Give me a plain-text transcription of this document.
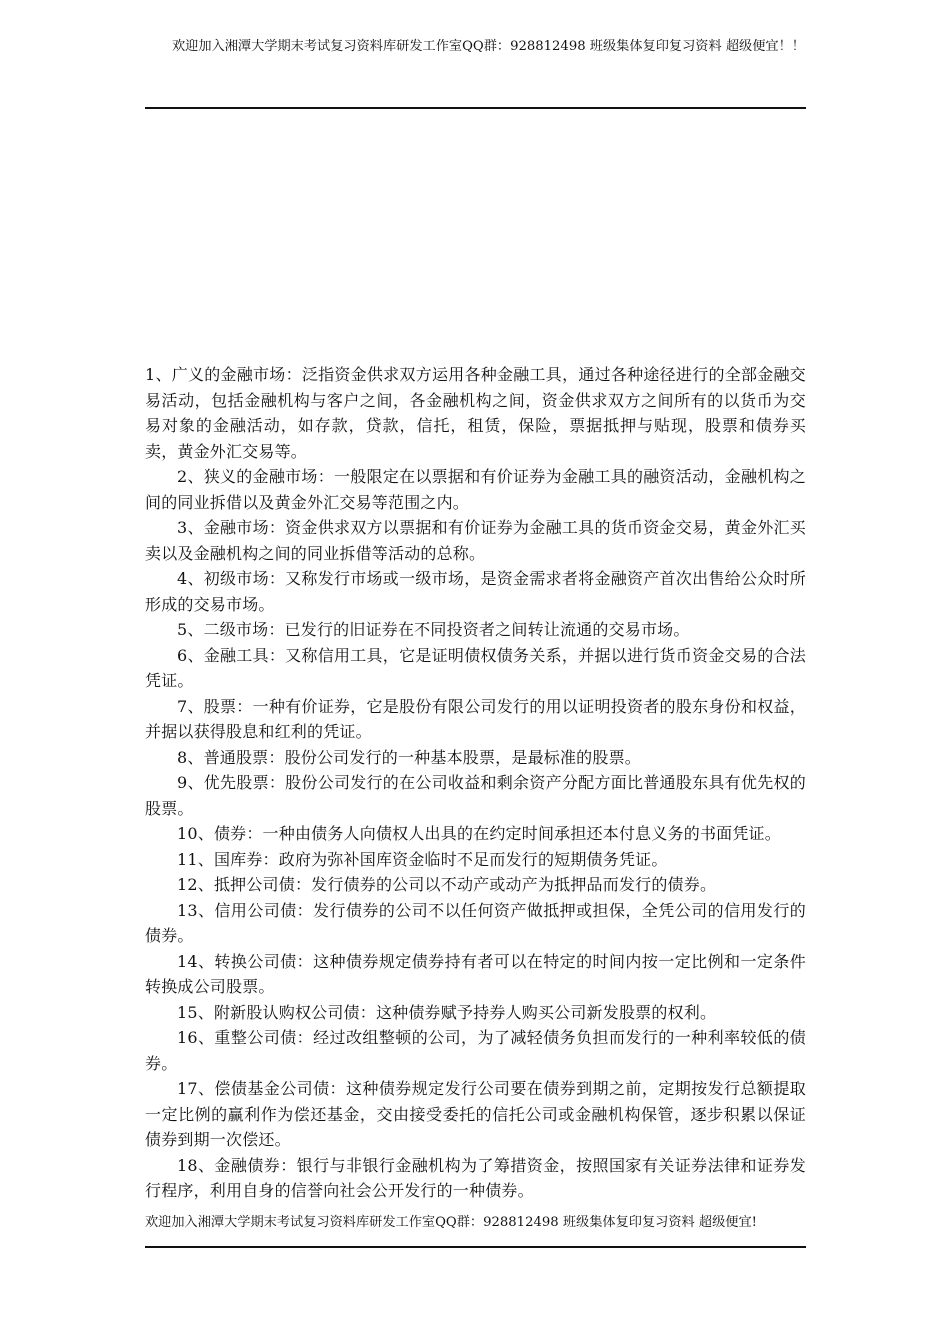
欢迎加入湘潭大学期末考试复习资料库研发工作室QQ群：928812498 班级集体复印复习资料 超级便宜！！

1、广义的金融市场：泛指资金供求双方运用各种金融工具，通过各种途径进行的全部金融交易活动，包括金融机构与客户之间，各金融机构之间，资金供求双方之间所有的以货币为交易对象的金融活动，如存款，贷款，信托，租赁，保险，票据抵押与贴现，股票和债券买卖，黄金外汇交易等。

2、狭义的金融市场：一般限定在以票据和有价证券为金融工具的融资活动，金融机构之间的同业拆借以及黄金外汇交易等范围之内。

3、金融市场：资金供求双方以票据和有价证券为金融工具的货币资金交易，黄金外汇买卖以及金融机构之间的同业拆借等活动的总称。

4、初级市场：又称发行市场或一级市场，是资金需求者将金融资产首次出售给公众时所形成的交易市场。

5、二级市场：已发行的旧证券在不同投资者之间转让流通的交易市场。

6、金融工具：又称信用工具，它是证明债权债务关系，并据以进行货币资金交易的合法凭证。

7、股票：一种有价证券，它是股份有限公司发行的用以证明投资者的股东身份和权益，并据以获得股息和红利的凭证。

8、普通股票：股份公司发行的一种基本股票，是最标准的股票。

9、优先股票：股份公司发行的在公司收益和剩余资产分配方面比普通股东具有优先权的股票。

10、债券：一种由债务人向债权人出具的在约定时间承担还本付息义务的书面凭证。

11、国库券：政府为弥补国库资金临时不足而发行的短期债务凭证。

12、抵押公司债：发行债券的公司以不动产或动产为抵押品而发行的债券。

13、信用公司债：发行债券的公司不以任何资产做抵押或担保，全凭公司的信用发行的债券。

14、转换公司债：这种债券规定债券持有者可以在特定的时间内按一定比例和一定条件转换成公司股票。

15、附新股认购权公司债：这种债券赋予持券人购买公司新发股票的权利。

16、重整公司债：经过改组整顿的公司，为了减轻债务负担而发行的一种利率较低的债券。

17、偿债基金公司债：这种债券规定发行公司要在债券到期之前，定期按发行总额提取一定比例的赢利作为偿还基金，交由接受委托的信托公司或金融机构保管，逐步积累以保证债券到期一次偿还。

18、金融债券：银行与非银行金融机构为了筹措资金，按照国家有关证券法律和证券发行程序，利用自身的信誉向社会公开发行的一种债券。

欢迎加入湘潭大学期末考试复习资料库研发工作室QQ群：928812498 班级集体复印复习资料 超级便宜!
